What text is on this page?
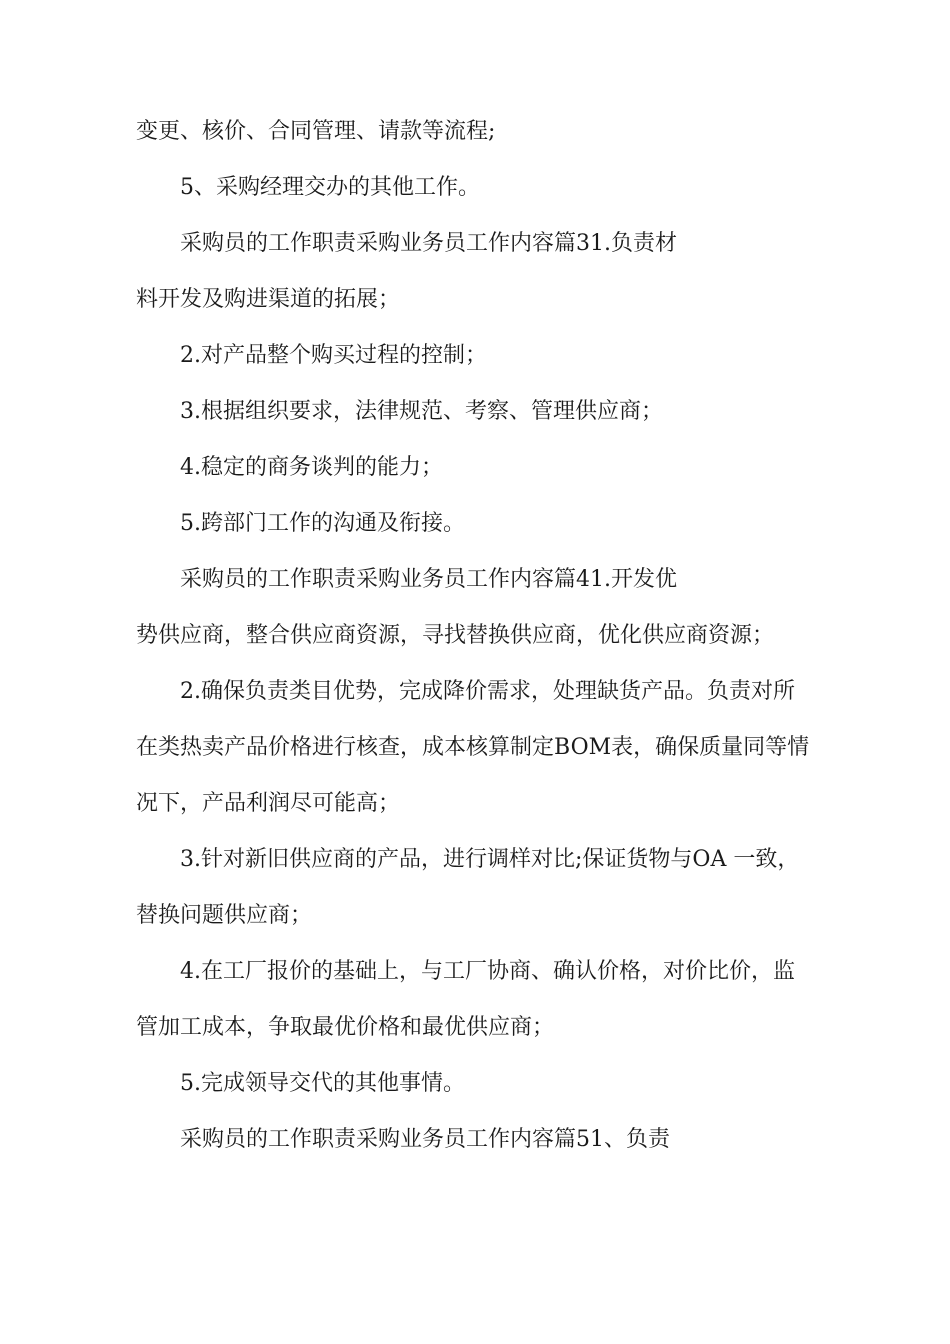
变更、核价、合同管理、请款等流程;
5、采购经理交办的其他工作。
采购员的工作职责采购业务员工作内容篇31.负责材
料开发及购进渠道的拓展；
2.对产品整个购买过程的控制；
3.根据组织要求，法律规范、考察、管理供应商；
4.稳定的商务谈判的能力；
5.跨部门工作的沟通及衔接。
采购员的工作职责采购业务员工作内容篇41.开发优
势供应商，整合供应商资源，寻找替换供应商，优化供应商资源；
2.确保负责类目优势，完成降价需求，处理缺货产品。负责对所
在类热卖产品价格进行核查，成本核算制定BOM表，确保质量同等情
况下，产品利润尽可能高；
3.针对新旧供应商的产品，进行调样对比;保证货物与OA 一致，
替换问题供应商；
4.在工厂报价的基础上，与工厂协商、确认价格，对价比价，监
管加工成本，争取最优价格和最优供应商；
5.完成领导交代的其他事情。
采购员的工作职责采购业务员工作内容篇51、负责
